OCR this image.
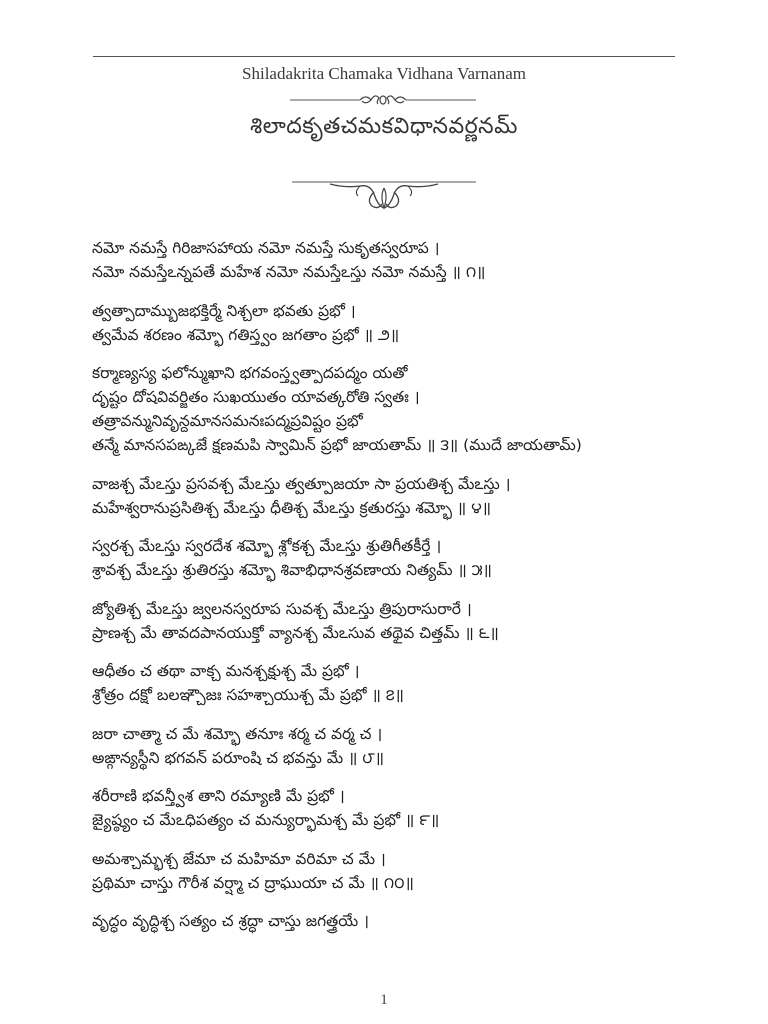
Shiladakrita Chamaka Vidhana Varnanam
శిలాదకృతచమకవిధానవర్ణనమ్
నమో నమస్తే గిరిజాసహాయ నమో నమస్తే సుకృతస్వరూప ।
నమో నమస్తేఽన్నపతే మహేశ నమో నమస్తేఽస్తు నమో నమస్తే ॥ ౧॥
త్వత్పాదామ్బుజభక్తిర్మే నిశ్చలా భవతు ప్రభో ।
త్వమేవ శరణం శమ్భో గతిస్త్వం జగతాం ప్రభో ॥ ౨॥
కర్మాణ్యస్య ఫలోన్ముఖాని భగవంస్త్వత్పాదపద్మం యతో
దృష్టం దోషవివర్జితం సుఖయుతం యావత్కరోతి స్వతః ।
తత్రావన్మునివృన్దమానసమనఃపద్మప్రవిష్టం ప్రభో
తన్మే మానసపఙ్కజే క్షణమపి స్వామిన్ ప్రభో జాయతామ్ ॥ ౩॥ (ముదే జాయతామ్)
వాజశ్చ మేఽస్తు ప్రసవశ్చ మేఽస్తు త్వత్పూజయా సా ప్రయతిశ్చ మేఽస్తు ।
మహేశ్వరానుప్రసితిశ్చ మేఽస్తు ధీతిశ్చ మేఽస్తు క్రతురస్తు శమ్భో ॥ ౪॥
స్వరశ్చ మేఽస్తు స్వరదేశ శమ్భో శ్లోకశ్చ మేఽస్తు శ్రుతిగీతకీర్తే ।
శ్రావశ్చ మేఽస్తు శ్రుతిరస్తు శమ్భో శివాభిధానశ్రవణాయ నిత్యమ్ ॥ ౫॥
జ్యోతిశ్చ మేఽస్తు జ్వలనస్వరూప సువశ్చ మేఽస్తు త్రిపురాసురారే ।
ప్రాణశ్చ మే తావదపానయుక్తో వ్యానశ్చ మేఽసువ తథైవ చిత్తమ్ ॥ ౬॥
ఆధీతం చ తథా వాక్చ మనశ్చక్షుశ్చ మే ప్రభో ।
శ్రోత్రం దక్షో బలఞ్చౌజః సహశ్చాయుశ్చ మే ప్రభో ॥ ౭॥
జరా చాత్మా చ మే శమ్భో తనూః శర్మ చ వర్మ చ ।
అఙ్గాన్యస్థీని భగవన్ పరూంషి చ భవన్తు మే ॥ ౮॥
శరీరాణి భవన్త్వీశ తాని రమ్యాణి మే ప్రభో ।
జ్యైష్ఠ్యం చ మేఽధిపత్యం చ మన్యుర్భామశ్చ మే ప్రభో ॥ ౯॥
అమశ్చామ్భశ్చ జేమా చ మహిమా వరిమా చ మే ।
ప్రథిమా చాస్తు గౌరీశ వర్ష్మా చ ద్రాఘుయా చ మే ॥ ౧౦॥
వృద్ధం వృద్ధిశ్చ సత్యం చ శ్రద్ధా చాస్తు జగత్త్రయే ।
1
